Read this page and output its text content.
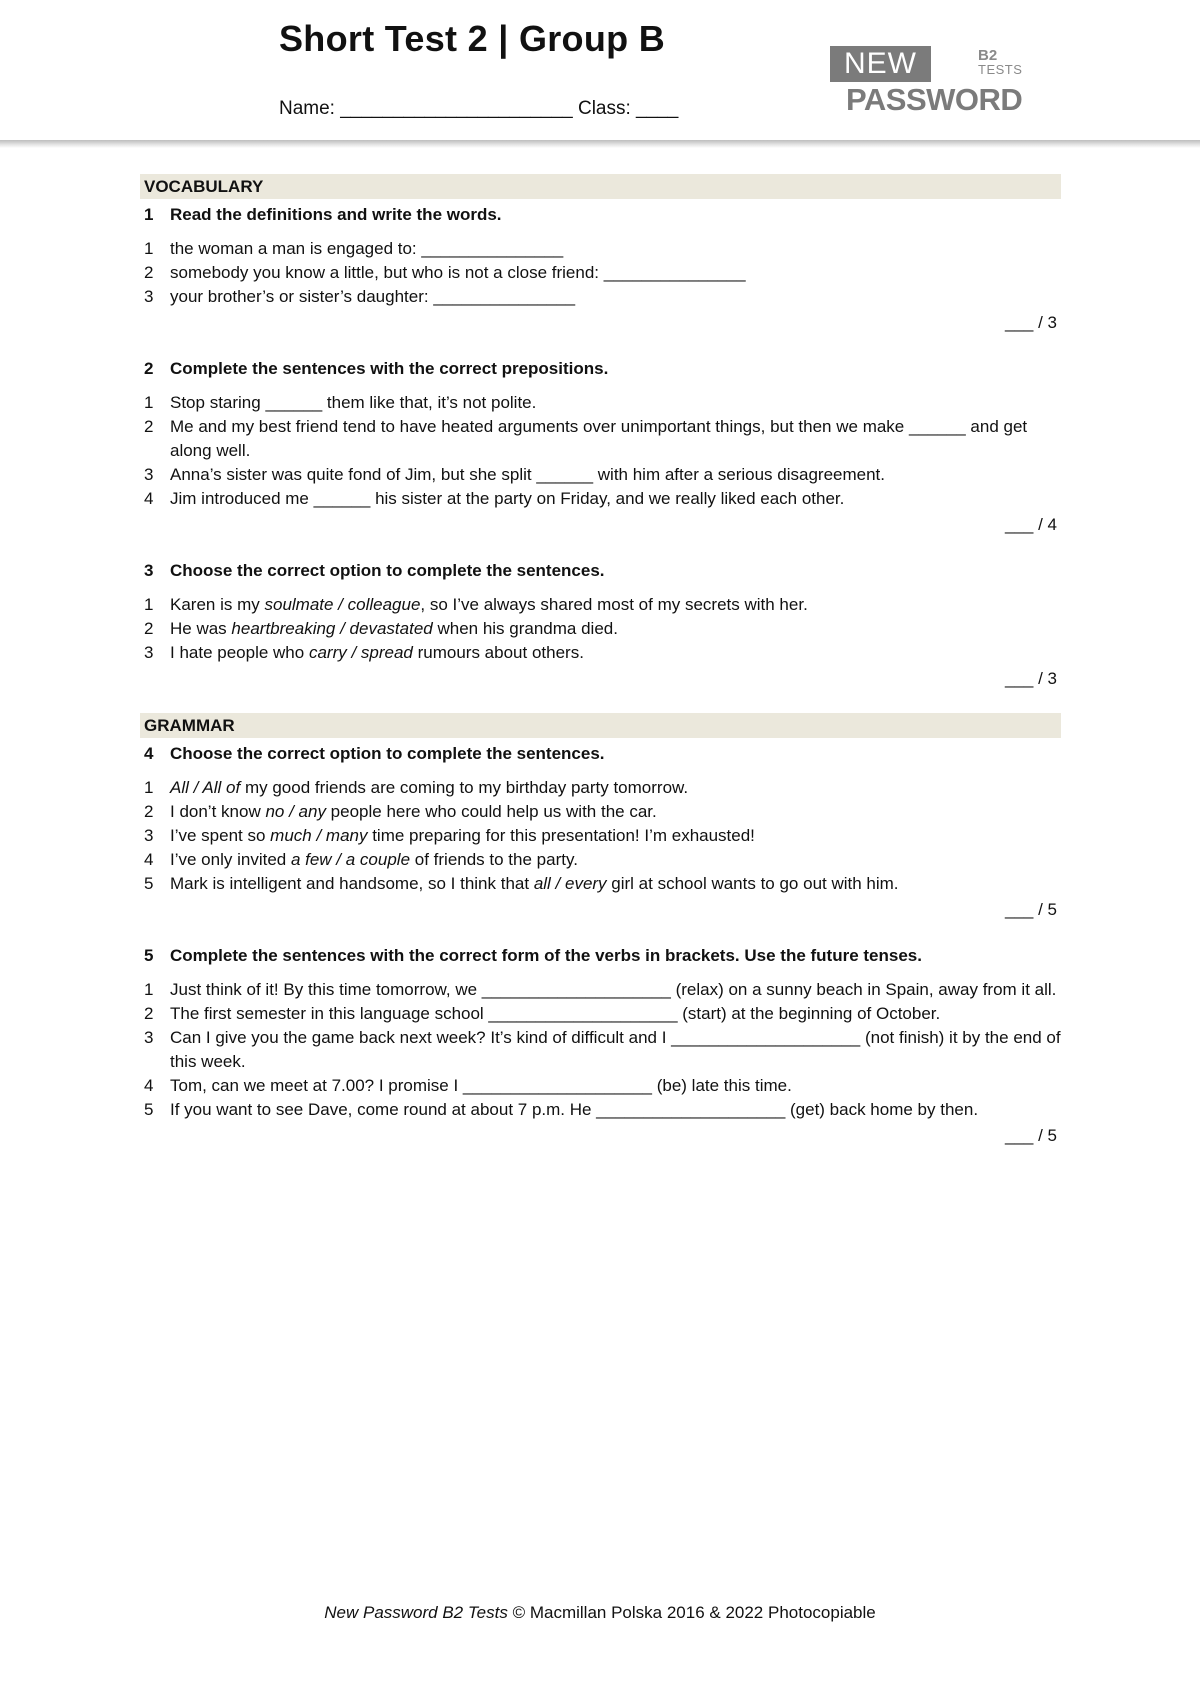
Short Test 2 | Group B
Name: ______________________ Class: ____
NEW	B2
TESTS
PASSWORD
VOCABULARY
1 Read the definitions and write the words.
1 the woman a man is engaged to: _______________
2 somebody you know a little, but who is not a close friend: _______________
3 your brother’s or sister’s daughter: _______________
___ / 3
2 Complete the sentences with the correct prepositions.
1 Stop staring ______ them like that, it’s not polite.
2 Me and my best friend tend to have heated arguments over unimportant things, but then we make ______ and get along well.
3 Anna’s sister was quite fond of Jim, but she split ______ with him after a serious disagreement.
4 Jim introduced me ______ his sister at the party on Friday, and we really liked each other.
___ / 4
3 Choose the correct option to complete the sentences.
1 Karen is my soulmate / colleague, so I’ve always shared most of my secrets with her.
2 He was heartbreaking / devastated when his grandma died.
3 I hate people who carry / spread rumours about others.
___ / 3
GRAMMAR
4 Choose the correct option to complete the sentences.
1 All / All of my good friends are coming to my birthday party tomorrow.
2 I don’t know no / any people here who could help us with the car.
3 I’ve spent so much / many time preparing for this presentation! I’m exhausted!
4 I’ve only invited a few / a couple of friends to the party.
5 Mark is intelligent and handsome, so I think that all / every girl at school wants to go out with him.
___ / 5
5 Complete the sentences with the correct form of the verbs in brackets. Use the future tenses.
1 Just think of it! By this time tomorrow, we ____________________ (relax) on a sunny beach in Spain, away from it all.
2 The first semester in this language school ____________________ (start) at the beginning of October.
3 Can I give you the game back next week? It’s kind of difficult and I ____________________ (not finish) it by the end of this week.
4 Tom, can we meet at 7.00? I promise I ____________________ (be) late this time.
5 If you want to see Dave, come round at about 7 p.m. He ____________________ (get) back home by then.
___ / 5
New Password B2 Tests © Macmillan Polska 2016 & 2022 Photocopiable
